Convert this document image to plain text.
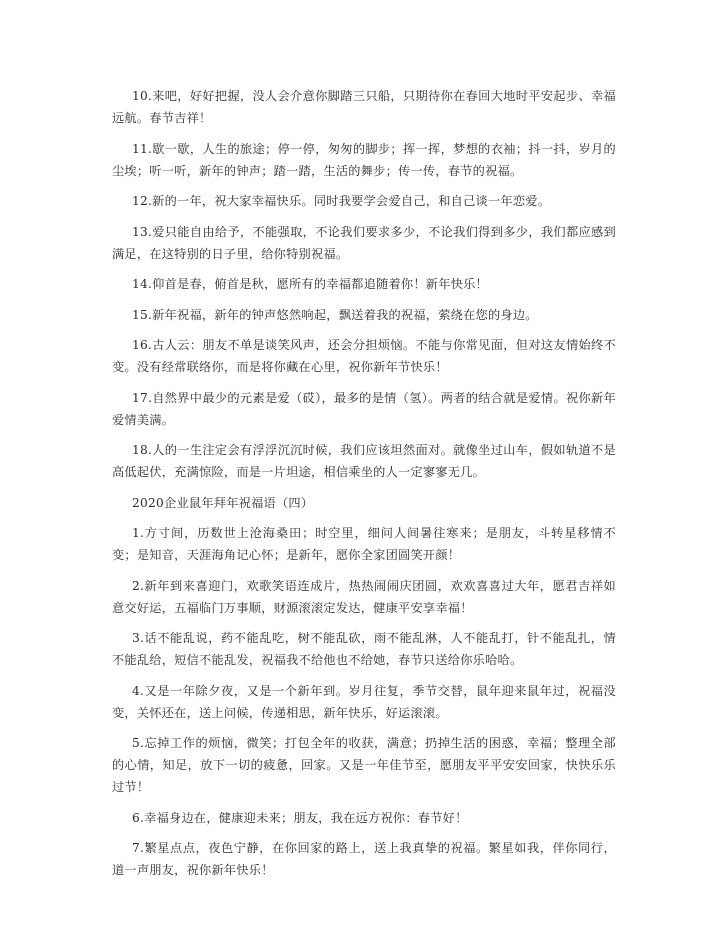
10.来吧，好好把握，没人会介意你脚踏三只船，只期待你在春回大地时平安起步、幸福远航。春节吉祥！

11.歇一歇，人生的旅途；停一停，匆匆的脚步；挥一挥，梦想的衣袖；抖一抖，岁月的尘埃；听一听，新年的钟声；踏一踏，生活的舞步；传一传，春节的祝福。

12.新的一年，祝大家幸福快乐。同时我要学会爱自己，和自己谈一年恋爱。

13.爱只能自由给予，不能强取，不论我们要求多少，不论我们得到多少，我们都应感到满足，在这特别的日子里，给你特别祝福。

14.仰首是春，俯首是秋，愿所有的幸福都追随着你！新年快乐！

15.新年祝福，新年的钟声悠然响起，飘送着我的祝福，萦绕在您的身边。

16.古人云：朋友不单是谈笑风声，还会分担烦恼。不能与你常见面，但对这友情始终不变。没有经常联络你，而是将你藏在心里，祝你新年节快乐！

17.自然界中最少的元素是爱（砹），最多的是情（氢）。两者的结合就是爱情。祝你新年爱情美满。

18.人的一生注定会有浮浮沉沉时候，我们应该坦然面对。就像坐过山车，假如轨道不是高低起伏，充满惊险，而是一片坦途，相信乘坐的人一定寥寥无几。

2020企业鼠年拜年祝福语（四）

1.方寸间，历数世上沧海桑田；时空里，细问人间暑往寒来；是朋友，斗转星移情不变；是知音，天涯海角记心怀；是新年，愿你全家团圆笑开颜！

2.新年到来喜迎门，欢歌笑语连成片，热热闹闹庆团圆，欢欢喜喜过大年，愿君吉祥如意交好运，五福临门万事顺，财源滚滚定发达，健康平安享幸福！

3.话不能乱说，药不能乱吃，树不能乱砍，雨不能乱淋，人不能乱打，针不能乱扎，情不能乱给，短信不能乱发，祝福我不给他也不给她，春节只送给你乐哈哈。

4.又是一年除夕夜，又是一个新年到。岁月往复，季节交替，鼠年迎来鼠年过，祝福没变，关怀还在，送上问候，传递相思，新年快乐，好运滚滚。

5.忘掉工作的烦恼，微笑；打包全年的收获，满意；扔掉生活的困惑，幸福；整理全部的心情，知足，放下一切的疲惫，回家。又是一年佳节至，愿朋友平平安安回家，快快乐乐过节！

6.幸福身边在，健康迎未来；朋友，我在远方祝你：春节好！

7.繁星点点，夜色宁静，在你回家的路上，送上我真挚的祝福。繁星如我，伴你同行，道一声朋友，祝你新年快乐！
